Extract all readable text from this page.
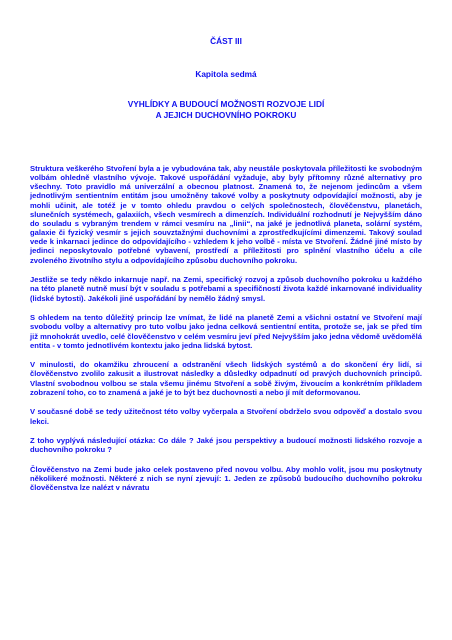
ČÁST III
Kapitola sedmá
VYHLÍDKY A BUDOUCÍ MOŽNOSTI ROZVOJE LIDÍ
A JEJICH DUCHOVNÍHO POKROKU

Struktura veškerého Stvoření byla a je vybudována tak, aby neustále poskytovala příležitosti ke svobodným volbám ohledně vlastního vývoje. Takové uspořádání vyžaduje, aby byly přítomny různé alternativy pro všechny. Toto pravidlo má univerzální a obecnou platnost. Znamená to, že nejenom jedincům a všem jednotlivým sentientním entitám jsou umožněny takové volby a poskytnuty odpovídající možnosti, aby je mohli učinit, ale totéž je v tomto ohledu pravdou o celých společnostech, člověčenstvu, planetách, slunečních systémech, galaxiích, všech vesmírech a dimenzích. Individuální rozhodnutí je Nejvyšším dáno do souladu s vybraným trendem v rámci vesmíru na „linii“, na jaké je jednotlivá planeta, solární systém, galaxie či fyzický vesmír s jejich souvztažnými duchovními a zprostředkujícími dimenzemi. Takový soulad vede k inkarnaci jedince do odpovídajícího - vzhledem k jeho volbě - místa ve Stvoření. Žádné jiné místo by jedinci neposkytovalo potřebné vybavení, prostředí a příležitosti pro splnění vlastního účelu a cíle zvoleného životního stylu a odpovídajícího způsobu duchovního pokroku.

Jestliže se tedy někdo inkarnuje např. na Zemi, specifický rozvoj a způsob duchovního pokroku u každého na této planetě nutně musí být v souladu s potřebami a specifičností života každé inkarnované individuality (lidské bytosti). Jakékoli jiné uspořádání by nemělo žádný smysl.

S ohledem na tento důležitý princip lze vnímat, že lidé na planetě Zemi a všichni ostatní ve Stvoření mají svobodu volby a alternativy pro tuto volbu jako jedna celková sentientní entita, protože se, jak se před tím již mnohokrát uvedlo, celé člověčenstvo v celém vesmíru jeví před Nejvyšším jako jedna vědomě uvědomělá entita - v tomto jednotlivém kontextu jako jedna lidská bytost.

V minulosti, do okamžiku zhroucení a odstranění všech lidských systémů a do skončení éry lidí, si člověčenstvo zvolilo zakusit a ilustrovat následky a důsledky odpadnutí od pravých duchovních principů. Vlastní svobodnou volbou se stala všemu jinému Stvoření a sobě živým, živoucím a konkrétním příkladem zobrazení toho, co to znamená a jaké je to být bez duchovnosti a nebo jí mít deformovanou.

V současné době se tedy užitečnost této volby vyčerpala a Stvoření obdrželo svou odpověď a dostalo svou lekci.

Z toho vyplývá následující otázka: Co dále ? Jaké jsou perspektivy a budoucí možnosti lidského rozvoje a duchovního pokroku ?

Člověčenstvo na Zemi bude jako celek postaveno před novou volbu. Aby mohlo volit, jsou mu poskytnuty několikeré možnosti. Některé z nich se nyní zjevují: 1. Jeden ze způsobů budoucího duchovního pokroku člověčenstva lze nalézt v návratu
